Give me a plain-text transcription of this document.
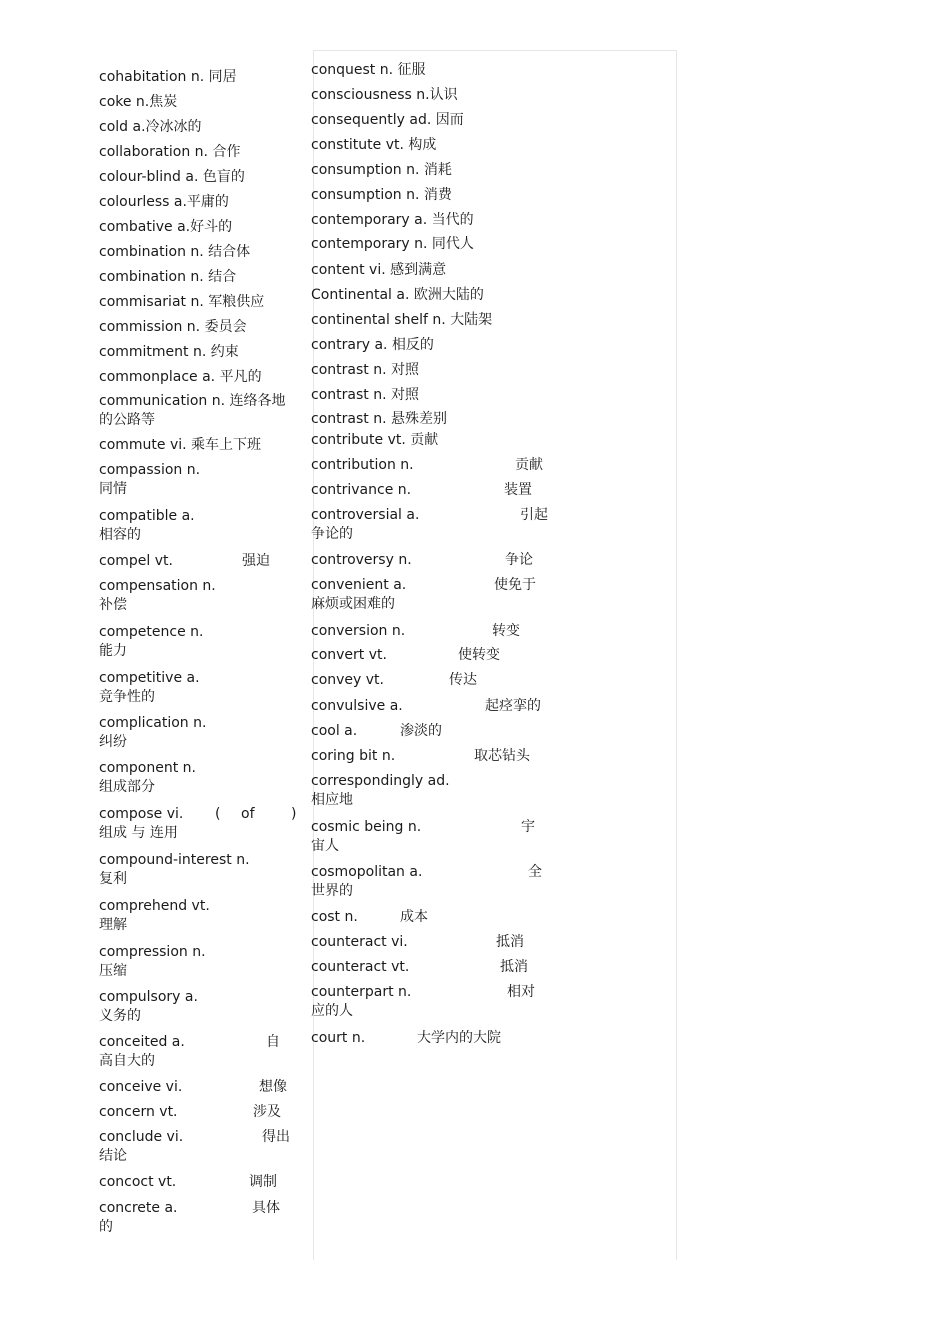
cohabitation n. 同居
coke n.焦炭
cold a.冷冰冰的
collaboration n. 合作
colour-blind a. 色盲的
colourless a.平庸的
combative a.好斗的
combination n. 结合体
combination n. 结合
commisariat n. 军粮供应
commission n. 委员会
commitment n. 约束
commonplace a. 平凡的
communication n. 连络各地
的公路等
commute vi. 乘车上下班
compassion n.
同情
compatible a.
相容的
compel vt.	强迫
compensation n.
补偿
competence n.
能力
competitive a.
竞争性的
complication n.
纠纷
component n.
组成部分
compose vi. ( of	)
组成 与 连用
compound-interest n.
复利
comprehend vt.
理解
compression n.
压缩
compulsory a.
义务的
conceited a.	自
高自大的
conceive vi.	想像
concern vt.	涉及
conclude vi.	得出
结论
concoct vt.	调制
concrete a.	具体
的
conquest n. 征服
consciousness n.认识
consequently ad. 因而
constitute vt. 构成
consumption n. 消耗
consumption n. 消费
contemporary a. 当代的
contemporary n. 同代人
content vi. 感到满意
Continental a. 欧洲大陆的
continental shelf n. 大陆架
contrary a. 相反的
contrast n. 对照
contrast n. 对照
contrast n. 悬殊差别
contribute vt. 贡献
contribution n.	贡献
contrivance n.	装置
controversial a.	引起
争论的
controversy n.	争论
convenient a.	使免于
麻烦或困难的
conversion n.	转变
convert vt.	使转变
convey vt.	传达
convulsive a.	起痉挛的
cool a.	渗淡的
coring bit n.	取芯钻头
correspondingly ad.
相应地
cosmic being n.	宇
宙人
cosmopolitan a.	全
世界的
cost n.	成本
counteract vi.	抵消
counteract vt.	抵消
counterpart n.	相对
应的人
court n.	大学内的大院
